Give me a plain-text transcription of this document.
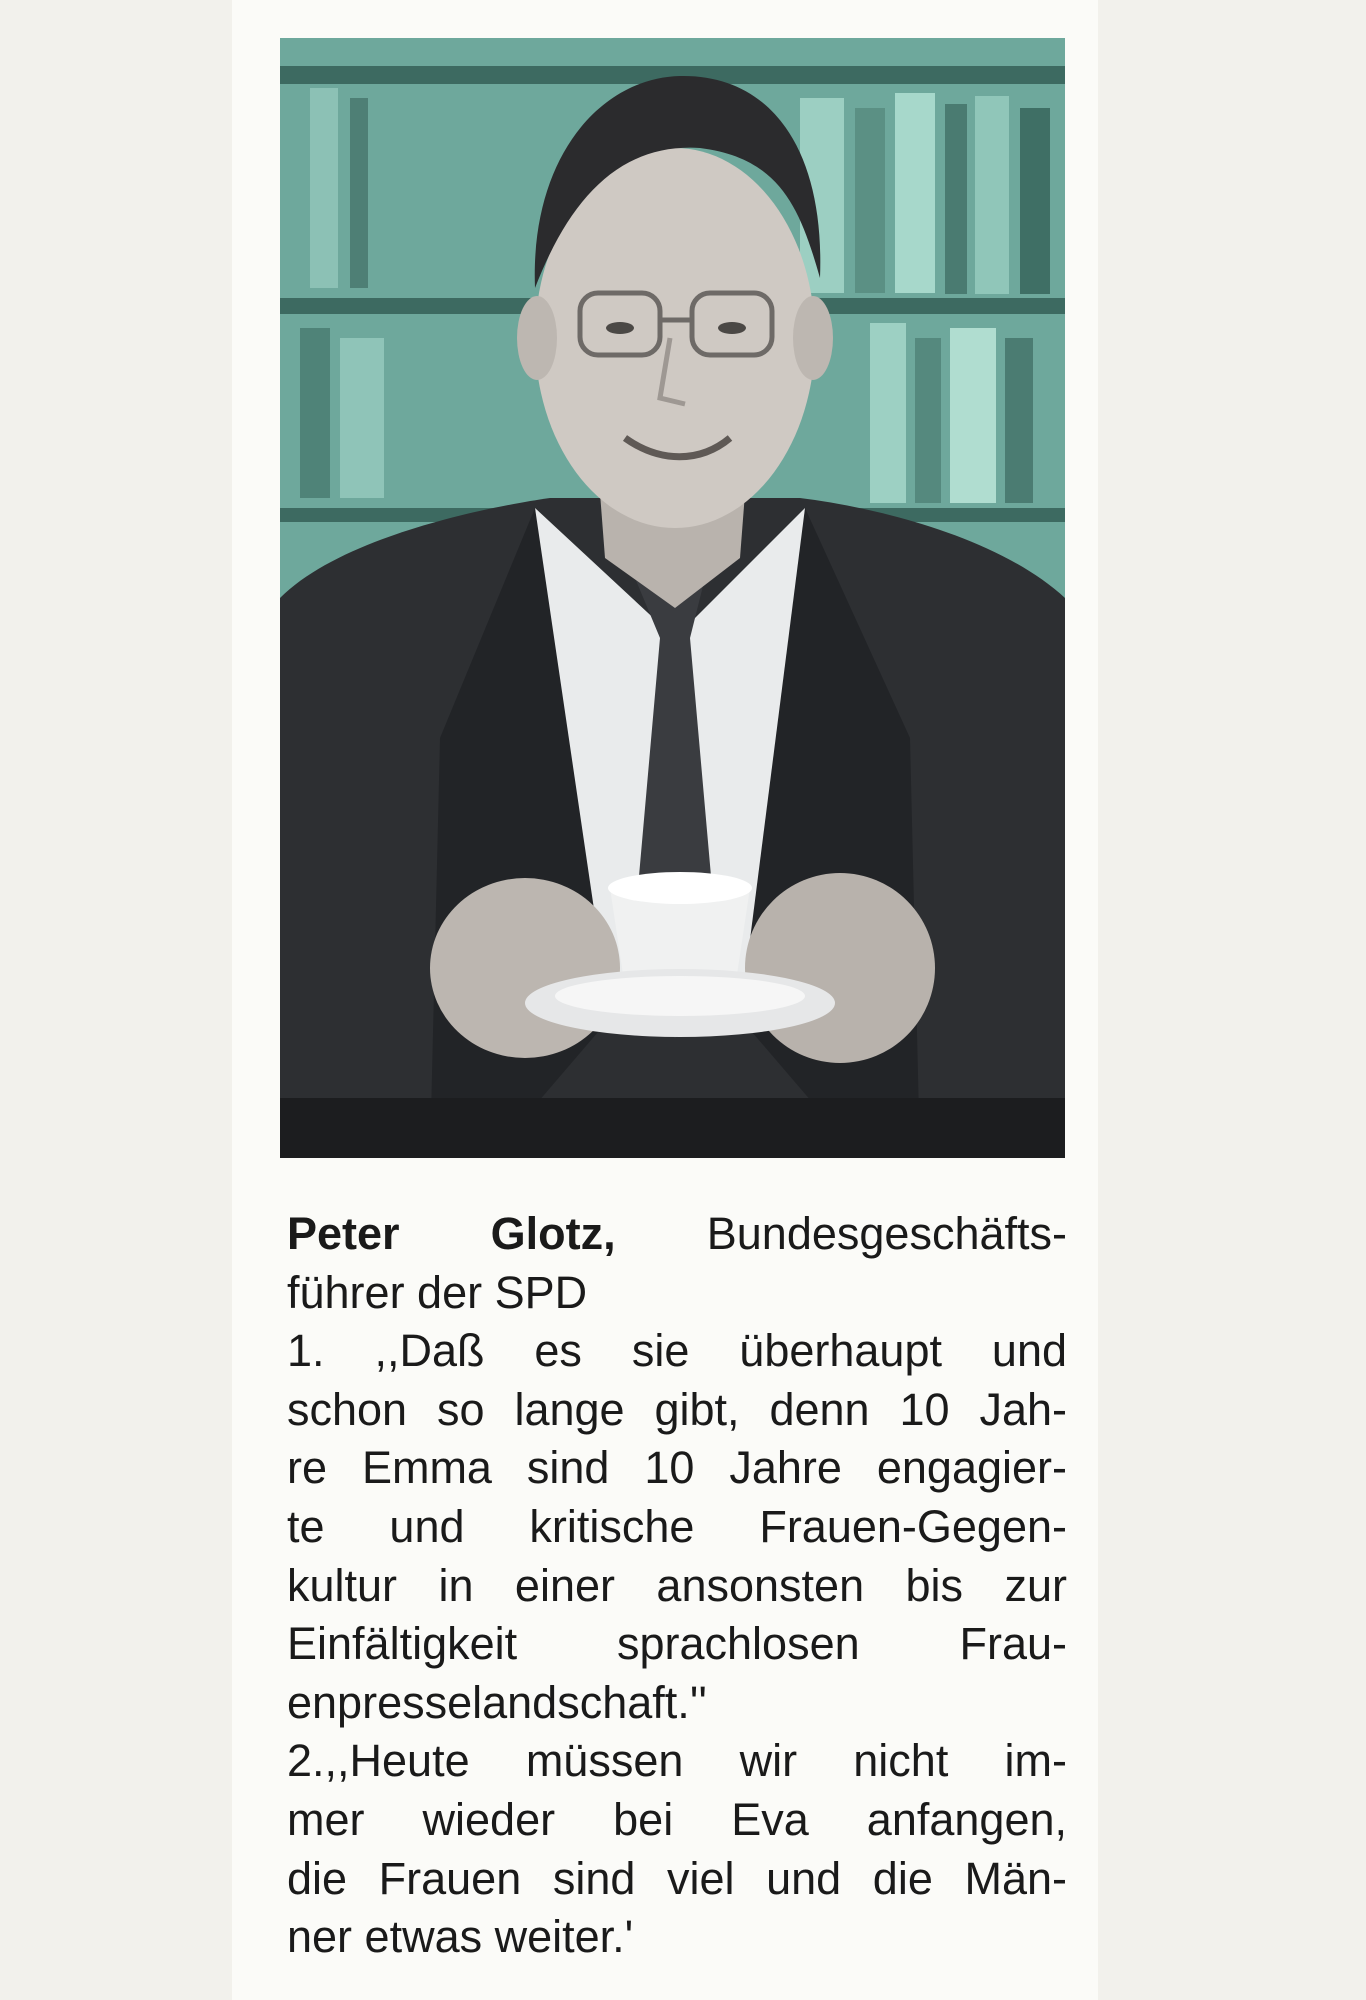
Peter Glotz, Bundesgeschäfts-
führer der SPD
1. ,,Daß es sie überhaupt und
schon so lange gibt, denn 10 Jah-
re Emma sind 10 Jahre engagier-
te und kritische Frauen-Gegen-
kultur in einer ansonsten bis zur
Einfältigkeit sprachlosen Frau-
enpresselandschaft.''
2.,,Heute müssen wir nicht im-
mer wieder bei Eva anfangen,
die Frauen sind viel und die Män-
ner etwas weiter.'
